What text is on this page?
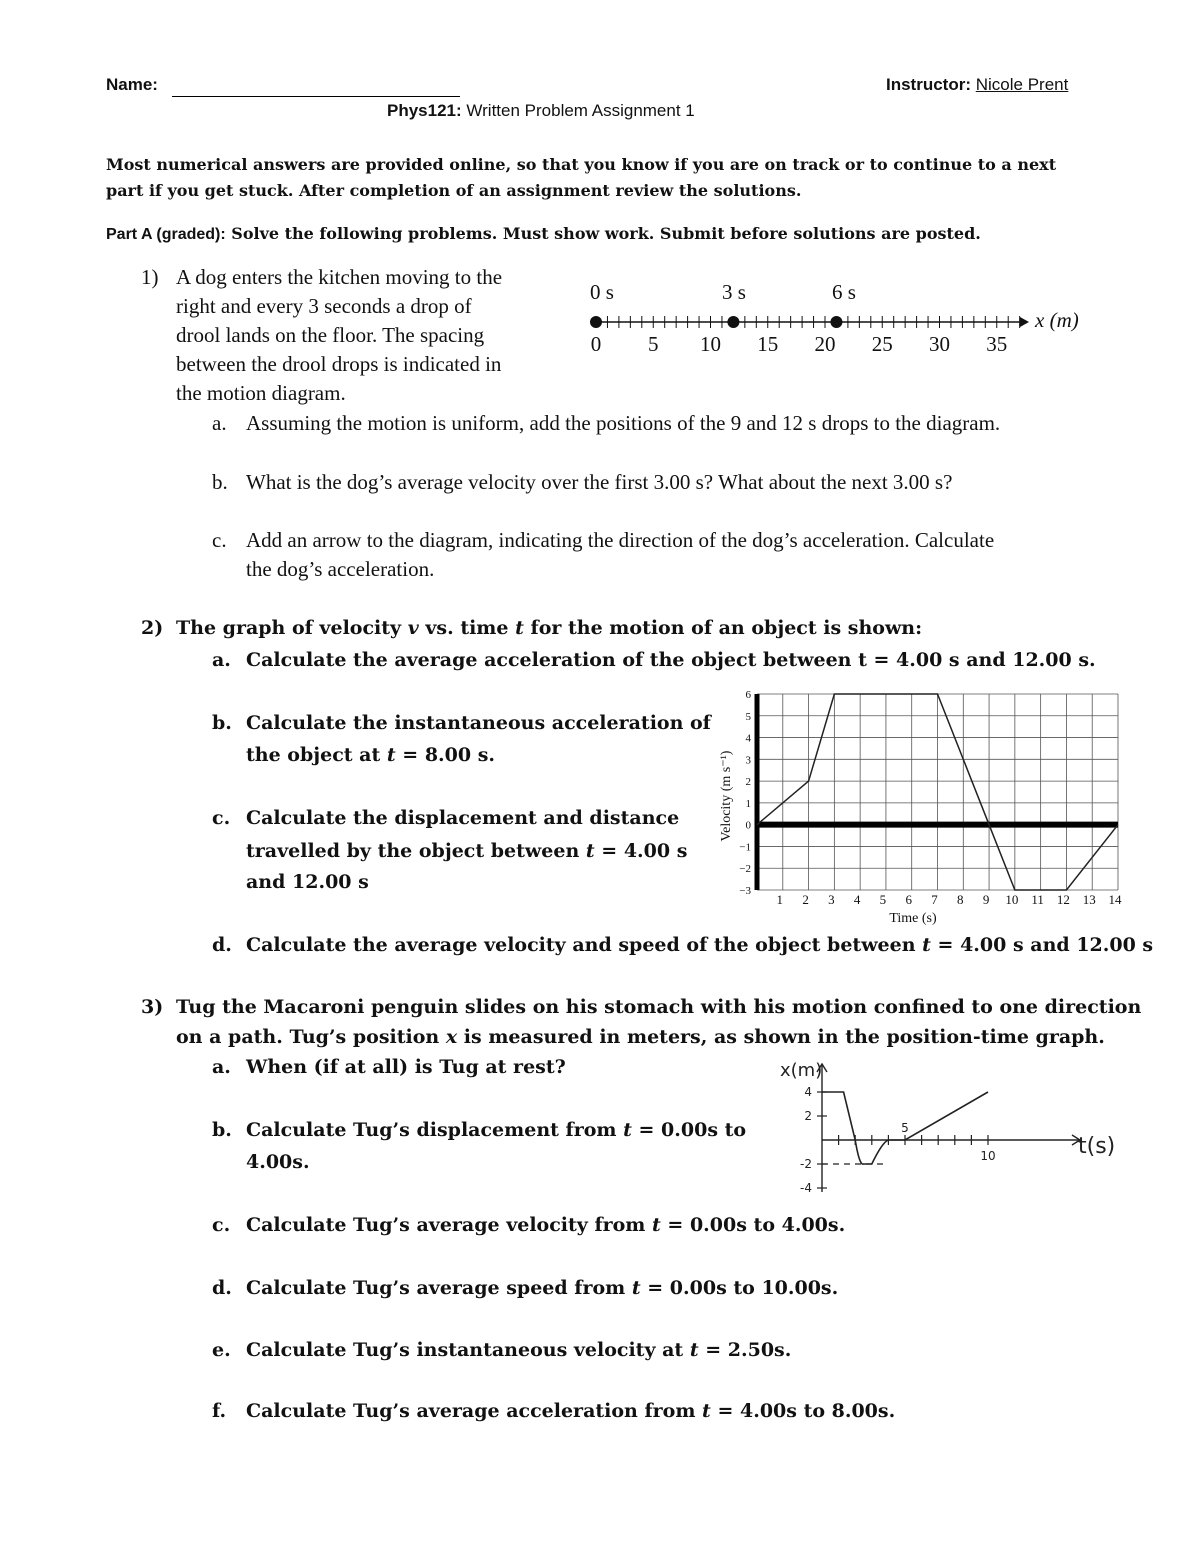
Name:	Instructor: Nicole Prent
Phys121: Written Problem Assignment 1
Most numerical answers are provided online, so that you know if you are on track or to continue to a next
part if you get stuck. After completion of an assignment review the solutions.
Part A (graded): Solve the following problems. Must show work. Submit before solutions are posted.
1) A dog enters the kitchen moving to the
right and every 3 seconds a drop of
drool lands on the floor. The spacing
between the drool drops is indicated in
the motion diagram.
0 s	3 s	6 s
0 5 10 15 20 25 30 35
x (m)
a. Assuming the motion is uniform, add the positions of the 9 and 12 s drops to the diagram.
b. What is the dog’s average velocity over the first 3.00 s? What about the next 3.00 s?
c. Add an arrow to the diagram, indicating the direction of the dog’s acceleration. Calculate
the dog’s acceleration.
2) The graph of velocity v vs. time t for the motion of an object is shown:
a. Calculate the average acceleration of the object between t = 4.00 s and 12.00 s.
b. Calculate the instantaneous acceleration of
the object at t = 8.00 s.
c. Calculate the displacement and distance
travelled by the object between t = 4.00 s
and 12.00 s
6
5
4
3
2
1
0
−1
−2
−3
1 2 3 4 5 6 7 8 9 10 11 12 13 14
Time (s)
Velocity (m s⁻¹)
d. Calculate the average velocity and speed of the object between t = 4.00 s and 12.00 s
3) Tug the Macaroni penguin slides on his stomach with his motion confined to one direction
on a path. Tug’s position x is measured in meters, as shown in the position-time graph.
a. When (if at all) is Tug at rest?
b. Calculate Tug’s displacement from t = 0.00s to
4.00s.
c. Calculate Tug’s average velocity from t = 0.00s to 4.00s.
d. Calculate Tug’s average speed from t = 0.00s to 10.00s.
e. Calculate Tug’s instantaneous velocity at t = 2.50s.
f. Calculate Tug’s average acceleration from t = 4.00s to 8.00s.
x(m)
t(s)
4
2
-2
-4
5
10
